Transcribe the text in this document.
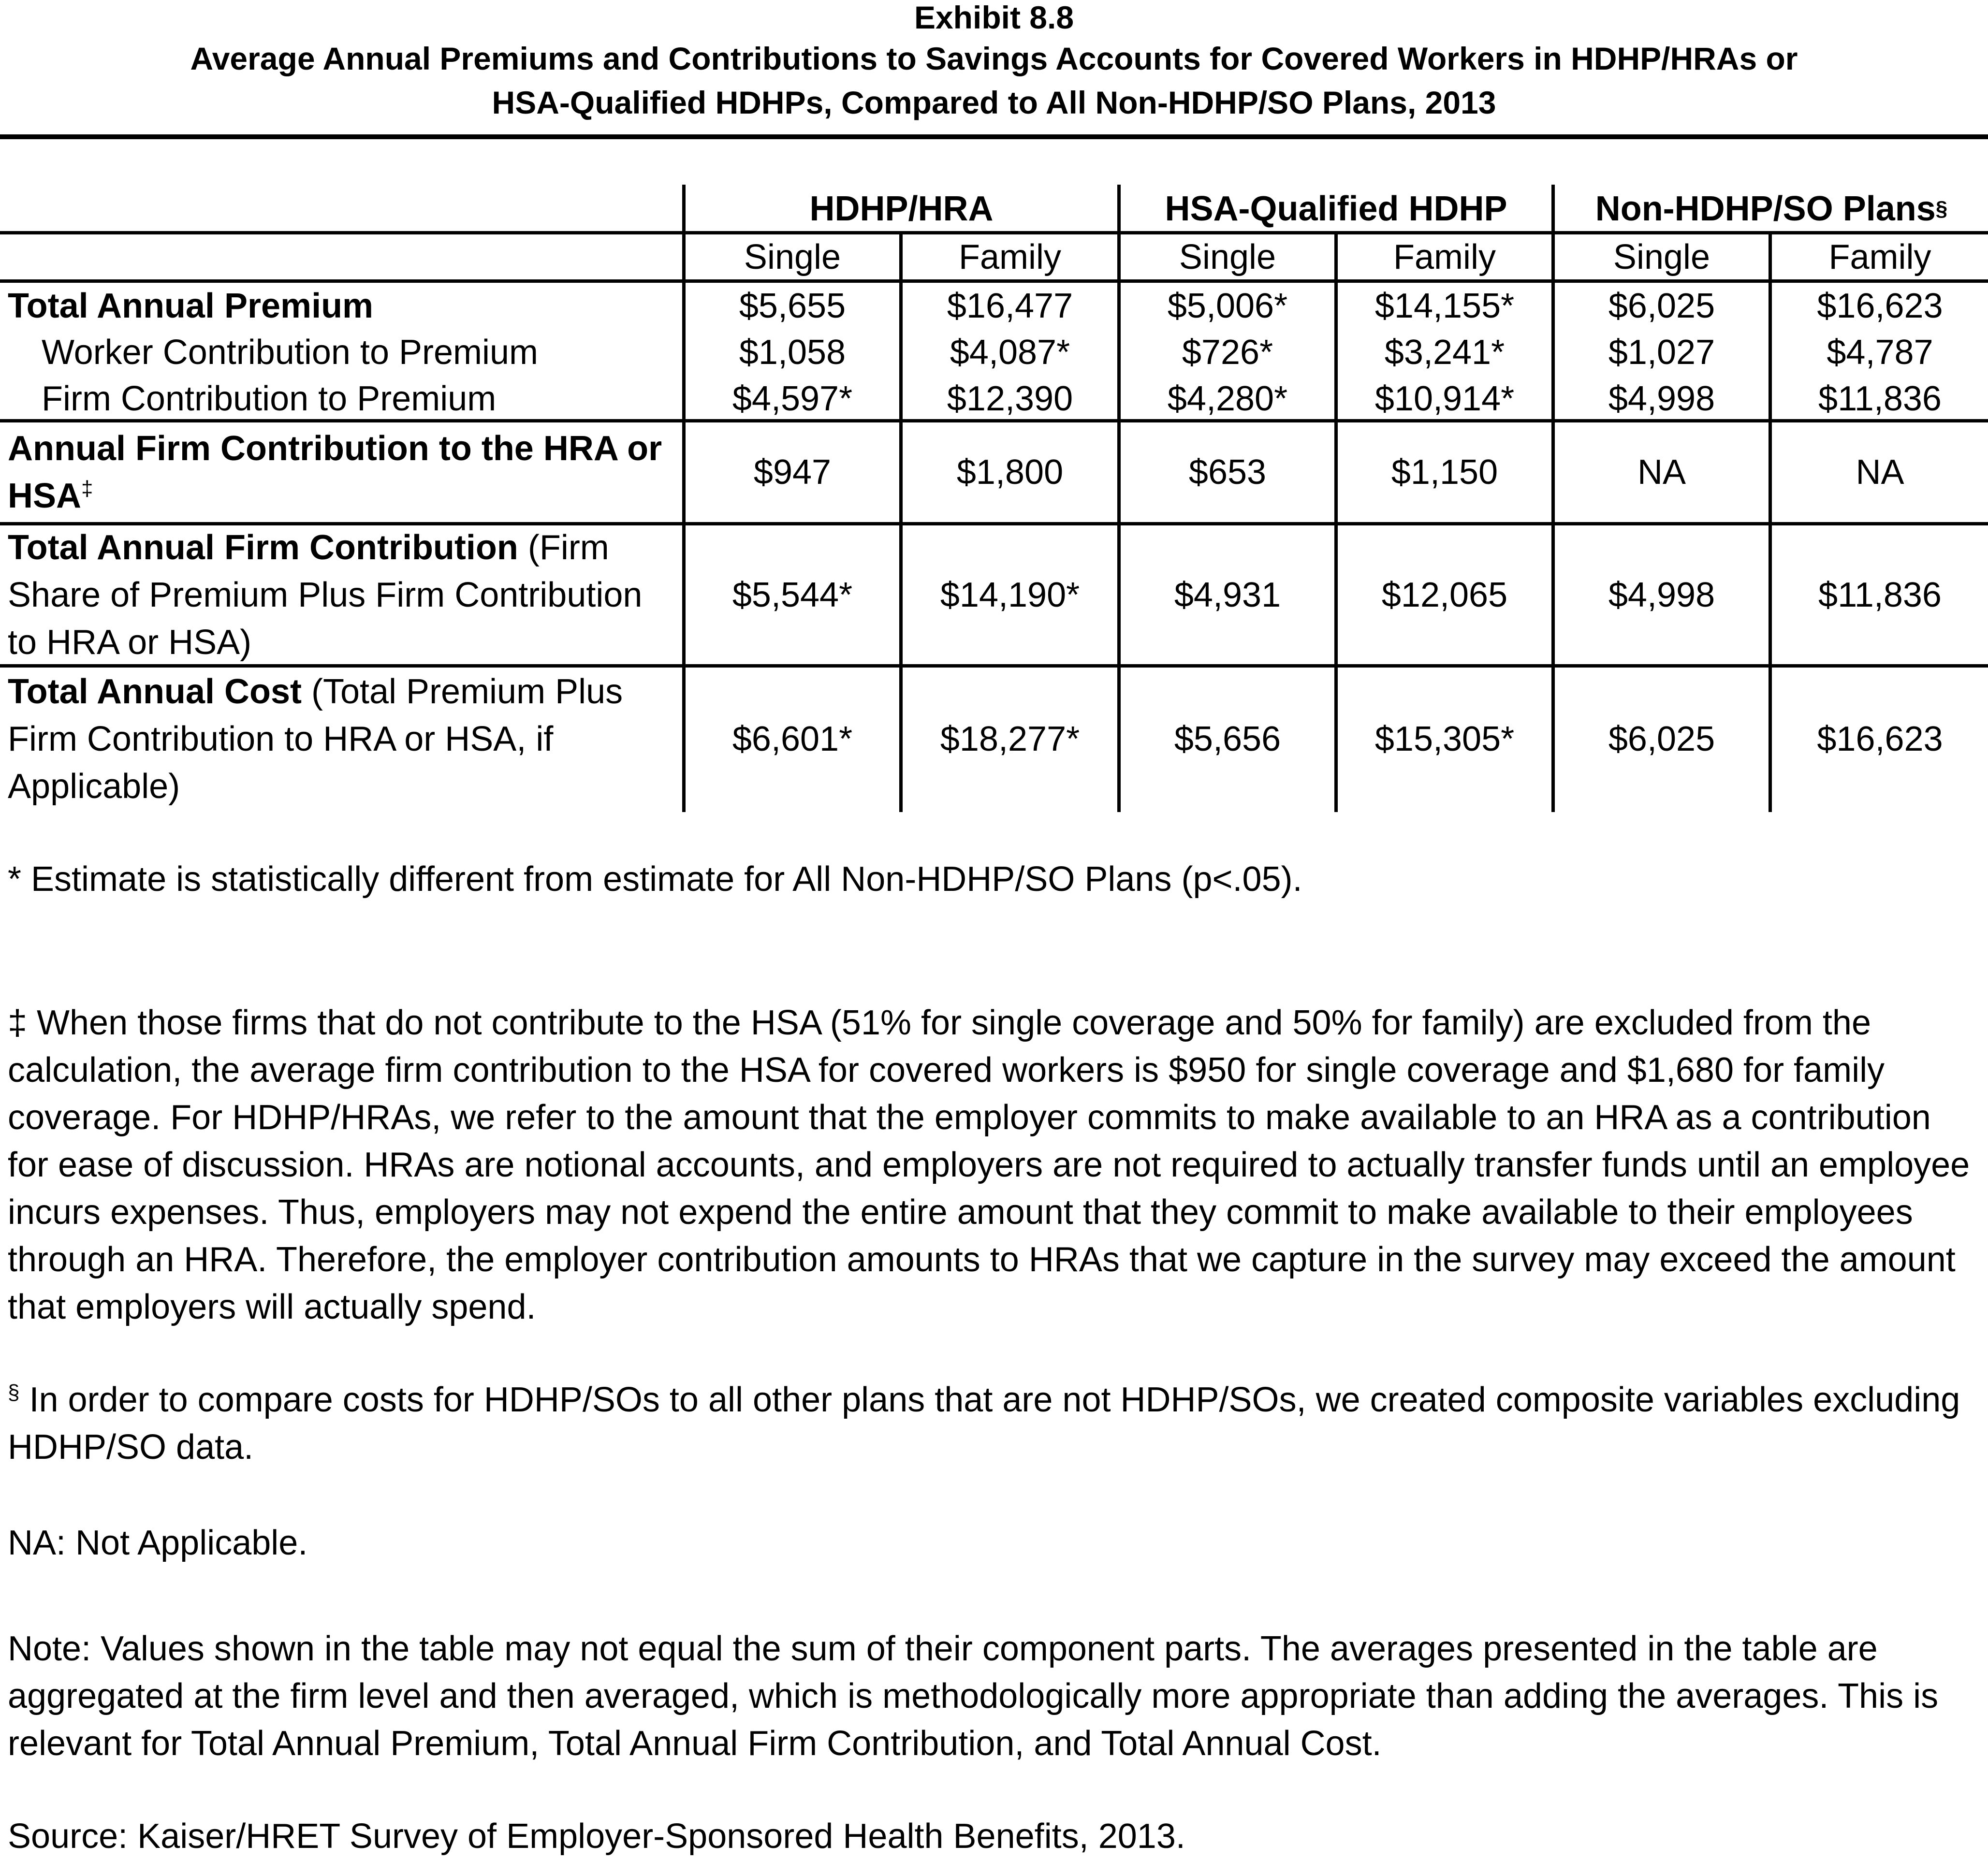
Exhibit 8.8
Average Annual Premiums and Contributions to Savings Accounts for Covered Workers in HDHP/HRAs or
HSA-Qualified HDHPs, Compared to All Non-HDHP/SO Plans, 2013
HDHP/HRA	HSA-Qualified HDHP	Non-HDHP/SO Plans §
Single	Family	Single	Family	Single	Family
Total Annual Premium	$5,655	$16,477	$5,006*	$14,155*	$6,025	$16,623
Worker Contribution to Premium	$1,058	$4,087*	$726*	$3,241*	$1,027	$4,787
Firm Contribution to Premium	$4,597*	$12,390	$4,280*	$10,914*	$4,998	$11,836
Annual Firm Contribution to the HRA or HSA‡	$947	$1,800	$653	$1,150	NA	NA
Total Annual Firm Contribution (Firm Share of Premium Plus Firm Contribution to HRA or HSA)
$5,544*	$14,190*	$4,931	$12,065	$4,998	$11,836
Total Annual Cost (Total Premium Plus Firm Contribution to HRA or HSA, if Applicable)
$6,601*	$18,277*	$5,656	$15,305*	$6,025	$16,623
* Estimate is statistically different from estimate for All Non-HDHP/SO Plans (p<.05).
‡ When those firms that do not contribute to the HSA (51% for single coverage and 50% for family) are excluded from the calculation, the average firm contribution to the HSA for covered workers is $950 for single coverage and $1,680 for family coverage. For HDHP/HRAs, we refer to the amount that the employer commits to make available to an HRA as a contribution for ease of discussion. HRAs are notional accounts, and employers are not required to actually transfer funds until an employee incurs expenses. Thus, employers may not expend the entire amount that they commit to make available to their employees through an HRA. Therefore, the employer contribution amounts to HRAs that we capture in the survey may exceed the amount that employers will actually spend.
§ In order to compare costs for HDHP/SOs to all other plans that are not HDHP/SOs, we created composite variables excluding HDHP/SO data.
NA: Not Applicable.
Note: Values shown in the table may not equal the sum of their component parts. The averages presented in the table are aggregated at the firm level and then averaged, which is methodologically more appropriate than adding the averages. This is relevant for Total Annual Premium, Total Annual Firm Contribution, and Total Annual Cost.
Source: Kaiser/HRET Survey of Employer-Sponsored Health Benefits, 2013.
